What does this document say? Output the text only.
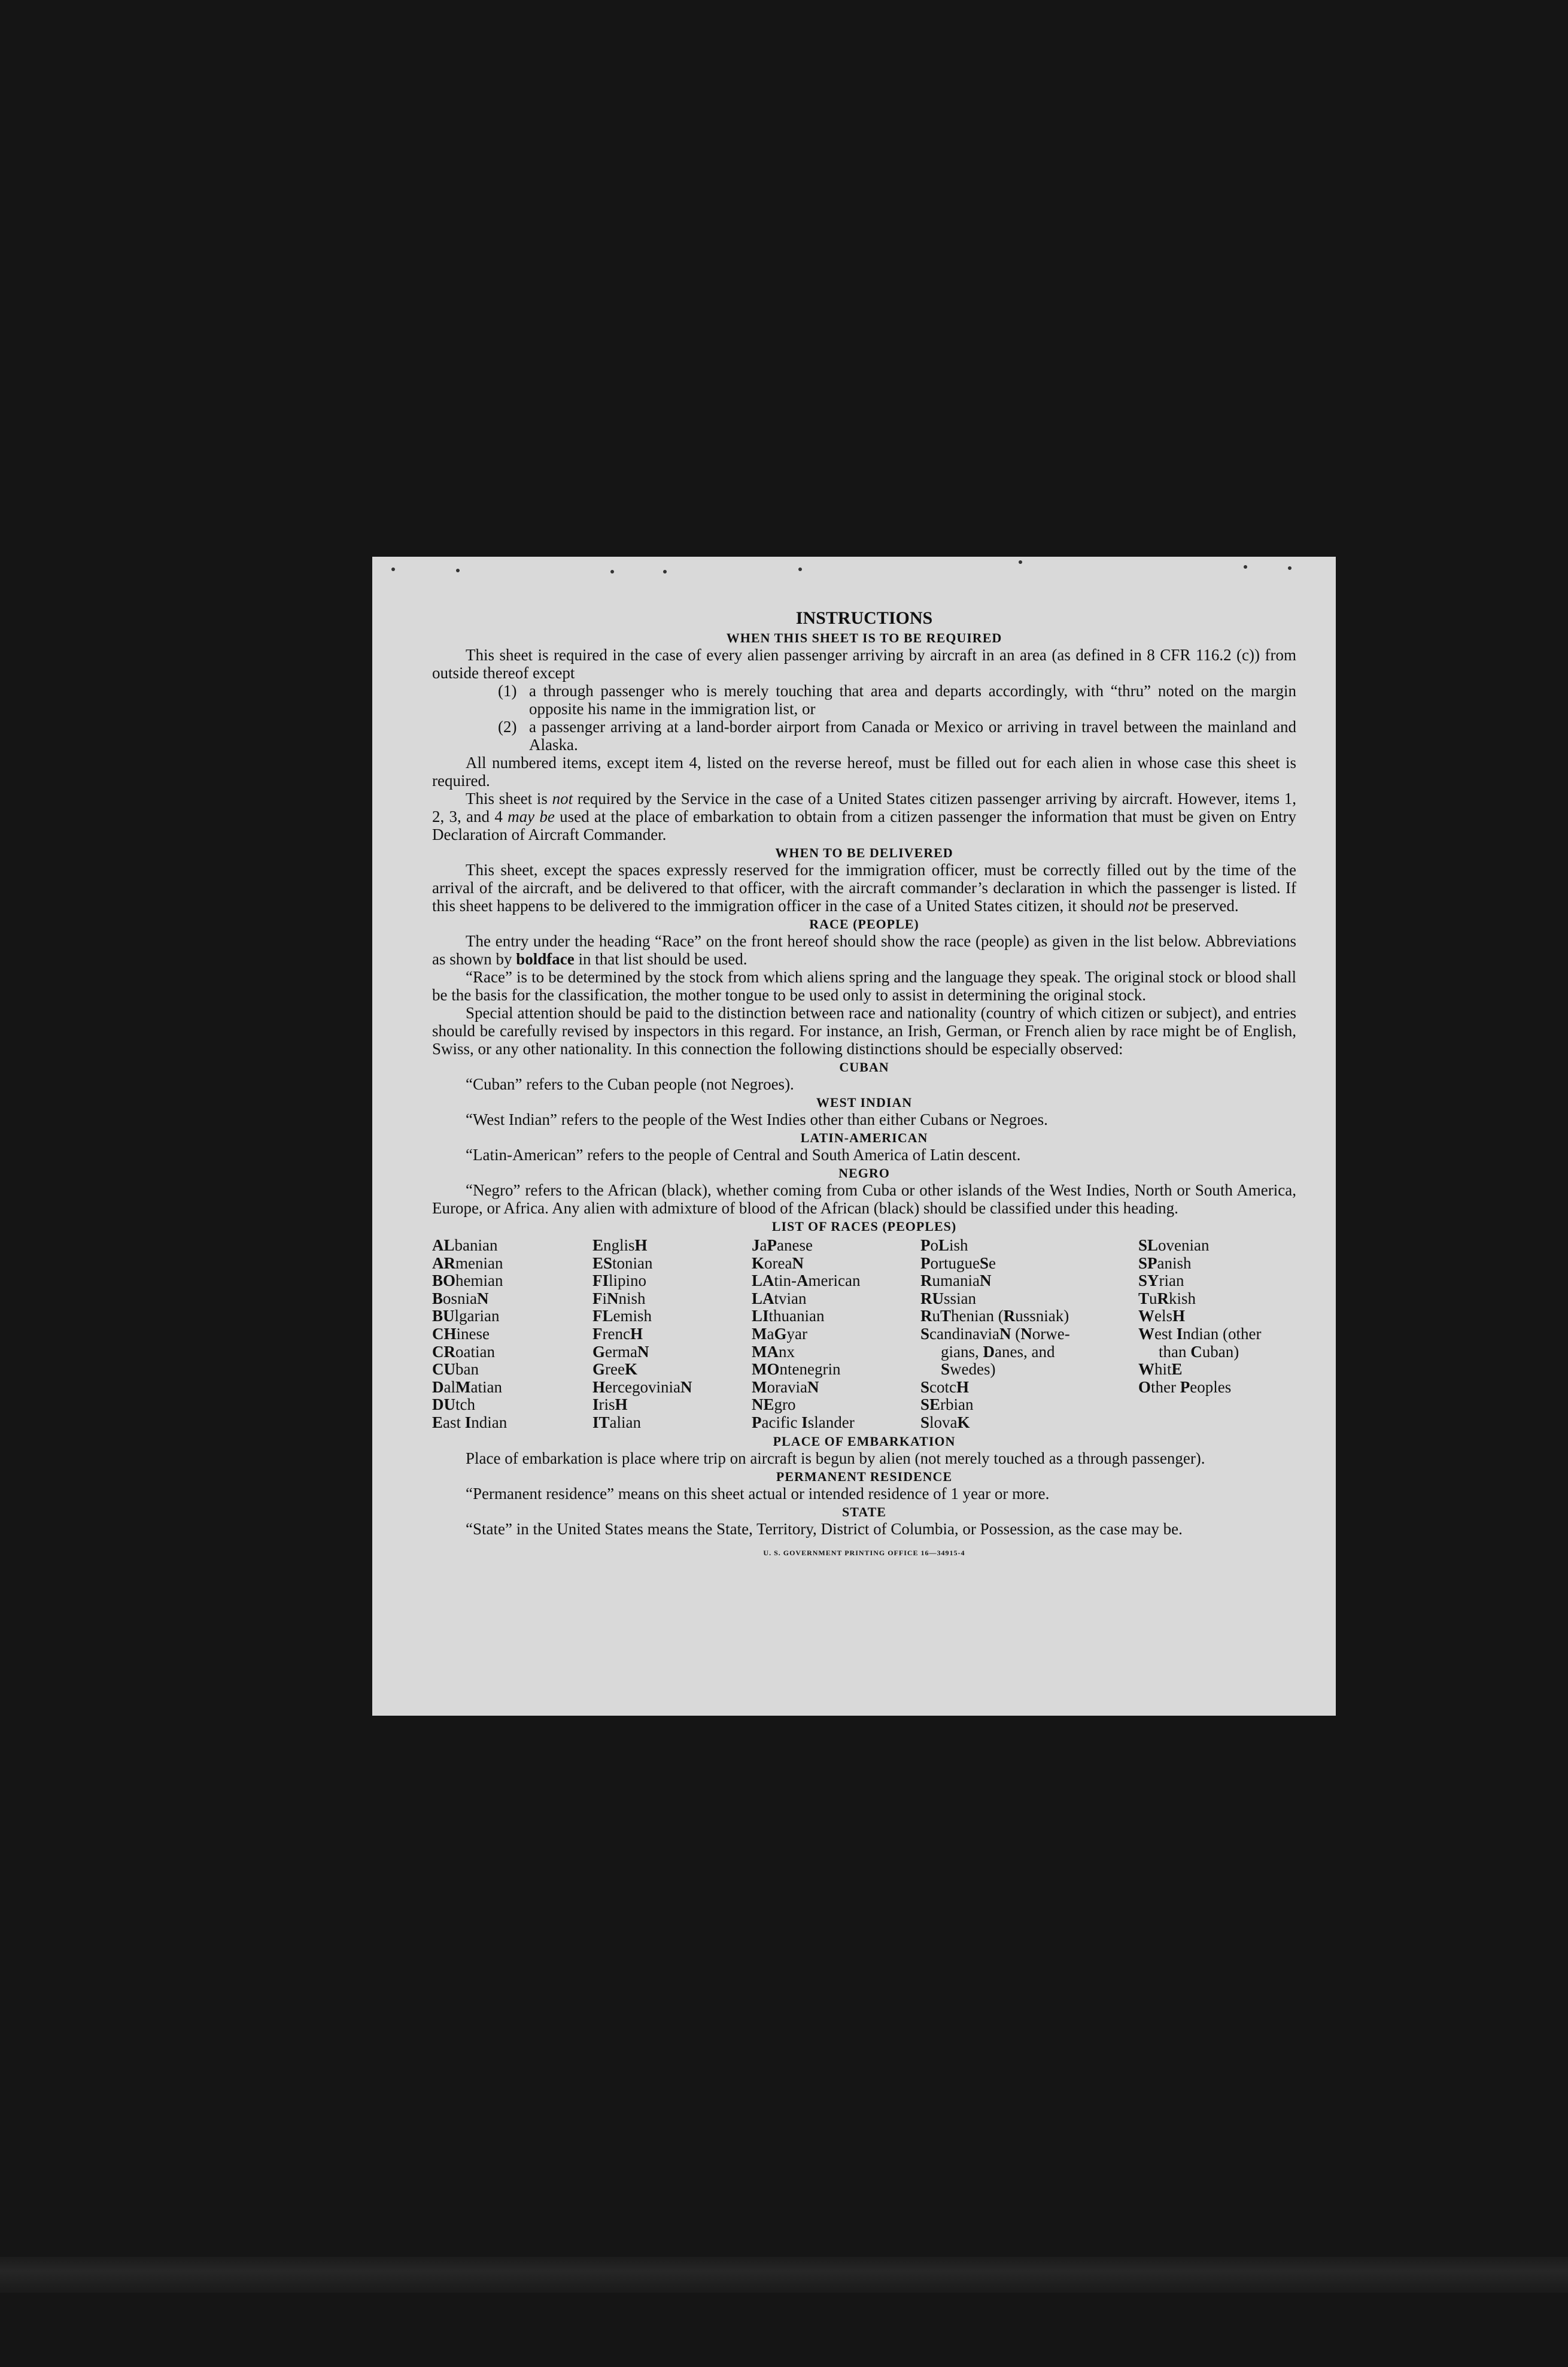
INSTRUCTIONS
WHEN THIS SHEET IS TO BE REQUIRED

This sheet is required in the case of every alien passenger arriving by aircraft in an area (as defined in 8 CFR 116.2 (c)) from outside thereof except

(1) a through passenger who is merely touching that area and departs accordingly, with “thru” noted on the margin opposite his name in the immigration list, or
(2) a passenger arriving at a land-border airport from Canada or Mexico or arriving in travel between the mainland and Alaska.

All numbered items, except item 4, listed on the reverse hereof, must be filled out for each alien in whose case this sheet is required.

This sheet is not required by the Service in the case of a United States citizen passenger arriving by aircraft. However, items 1, 2, 3, and 4 may be used at the place of embarkation to obtain from a citizen passenger the information that must be given on Entry Declaration of Aircraft Commander.

WHEN TO BE DELIVERED

This sheet, except the spaces expressly reserved for the immigration officer, must be correctly filled out by the time of the arrival of the aircraft, and be delivered to that officer, with the aircraft commander’s declaration in which the passenger is listed. If this sheet happens to be delivered to the immigration officer in the case of a United States citizen, it should not be preserved.

RACE (PEOPLE)

The entry under the heading “Race” on the front hereof should show the race (people) as given in the list below. Abbreviations as shown by boldface in that list should be used.

“Race” is to be determined by the stock from which aliens spring and the language they speak. The original stock or blood shall be the basis for the classification, the mother tongue to be used only to assist in determining the original stock.

Special attention should be paid to the distinction between race and nationality (country of which citizen or subject), and entries should be carefully revised by inspectors in this regard. For instance, an Irish, German, or French alien by race might be of English, Swiss, or any other nationality. In this connection the following distinctions should be especially observed:

CUBAN

“Cuban” refers to the Cuban people (not Negroes).

WEST INDIAN

“West Indian” refers to the people of the West Indies other than either Cubans or Negroes.

LATIN-AMERICAN

“Latin-American” refers to the people of Central and South America of Latin descent.

NEGRO

“Negro” refers to the African (black), whether coming from Cuba or other islands of the West Indies, North or South America, Europe, or Africa. Any alien with admixture of blood of the African (black) should be classified under this heading.

LIST OF RACES (PEOPLES)
ALbanian
ARmenian
BOhemian
BosniaN
BUlgarian
CHinese
CRoatian
CUban
DalMatian
DUtch
East Indian
EnglisH
EStonian
FIlipino
FiNnish
FLemish
FrencH
GermaN
GreeK
HercegoviniaN
IrisH
ITalian
JaPanese
KoreaN
LAtin-American
LAtvian
LIthuanian
MaGyar
MAnx
MOntenegrin
MoraviaN
NEgro
Pacific Islander
PoLish
PortugueSe
RumaniaN
RUssian
RuThenian (Russniak)
ScandinaviaN (Norwe-
gians, Danes, and
Swedes)
ScotcH
SErbian
SlovaK
SLovenian
SPanish
SYrian
TuRkish
WelsH
West Indian (other
than Cuban)
WhitE
Other Peoples
PLACE OF EMBARKATION

Place of embarkation is place where trip on aircraft is begun by alien (not merely touched as a through passenger).

PERMANENT RESIDENCE

“Permanent residence” means on this sheet actual or intended residence of 1 year or more.

STATE

“State” in the United States means the State, Territory, District of Columbia, or Possession, as the case may be.

U. S. GOVERNMENT PRINTING OFFICE 16—34915-4
